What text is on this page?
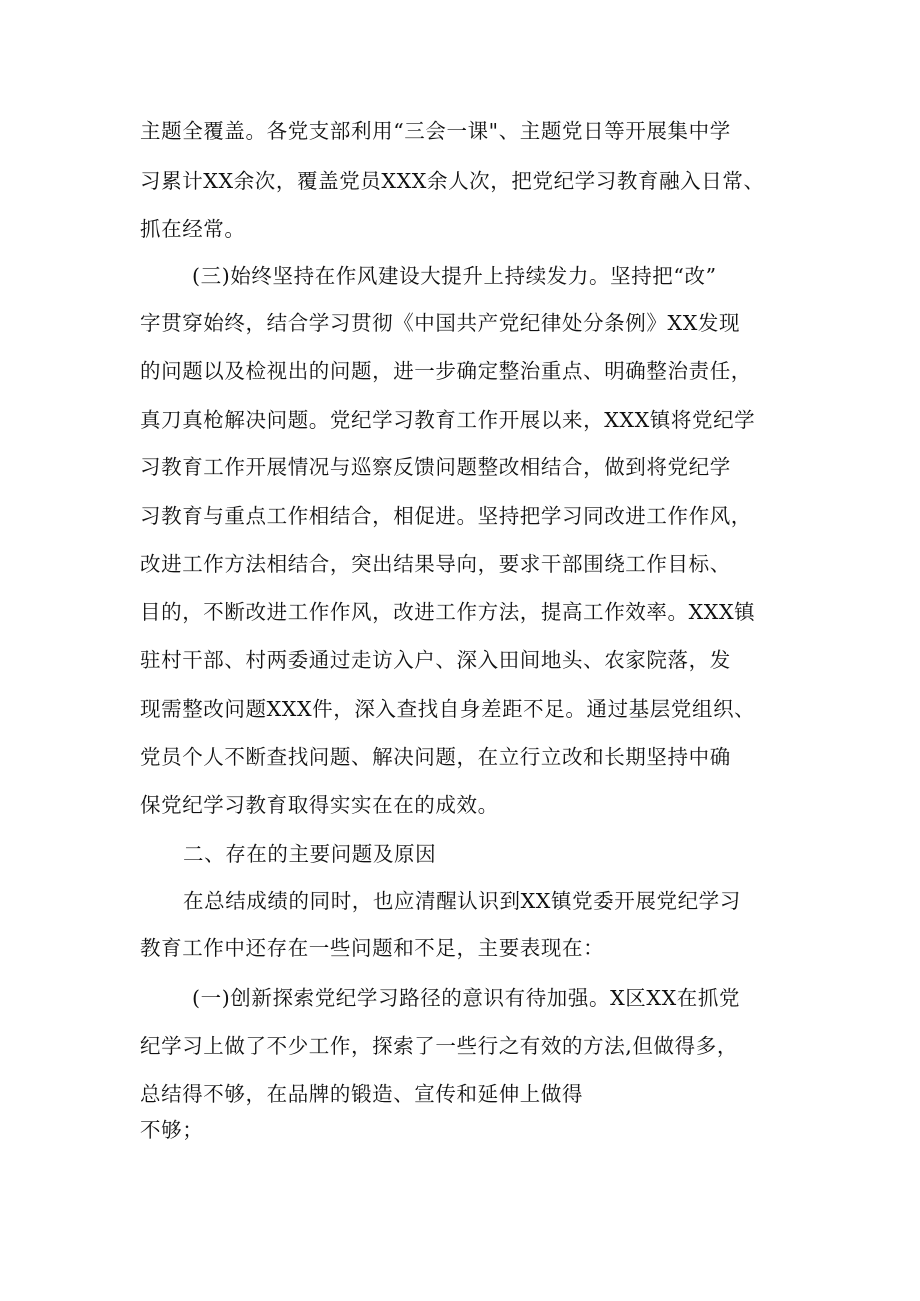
主题全覆盖。各党支部利用“三会一课"、主题党日等开展集中学
习累计XX余次，覆盖党员XXX余人次，把党纪学习教育融入日常、
抓在经常。
(三)始终坚持在作风建设大提升上持续发力。坚持把“改”
字贯穿始终，结合学习贯彻《中国共产党纪律处分条例》XX发现
的问题以及检视出的问题，进一步确定整治重点、明确整治责任，
真刀真枪解决问题。党纪学习教育工作开展以来，XXX镇将党纪学
习教育工作开展情况与巡察反馈问题整改相结合，做到将党纪学
习教育与重点工作相结合，相促进。坚持把学习同改进工作作风，
改进工作方法相结合，突出结果导向，要求干部围绕工作目标、
目的，不断改进工作作风，改进工作方法，提高工作效率。XXX镇
驻村干部、村两委通过走访入户、深入田间地头、农家院落，发
现需整改问题XXX件，深入查找自身差距不足。通过基层党组织、
党员个人不断查找问题、解决问题，在立行立改和长期坚持中确
保党纪学习教育取得实实在在的成效。
二、存在的主要问题及原因
在总结成绩的同时，也应清醒认识到XX镇党委开展党纪学习
教育工作中还存在一些问题和不足，主要表现在：
(一)创新探索党纪学习路径的意识有待加强。X区XX在抓党
纪学习上做了不少工作，探索了一些行之有效的方法,但做得多，
总结得不够，在品牌的锻造、宣传和延伸上做得
不够；
